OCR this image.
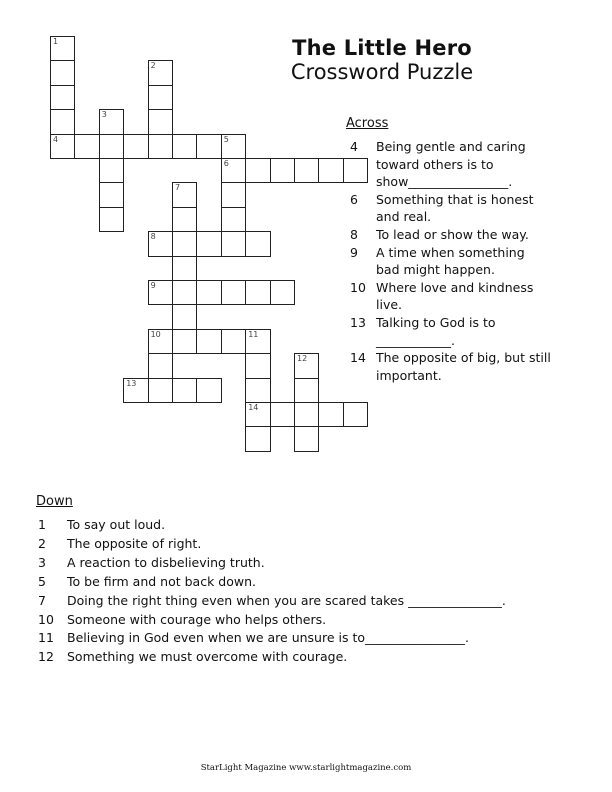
1
4
2
3
5
6
7
10	11
14
12
8
9
13
The Little Hero
Crossword Puzzle
Across
4 Being gentle and caring
toward others is to
show________________.
6 Something that is honest
and real.
8 To lead or show the way.
9 A time when something
bad might happen.
10 Where love and kindness
live.
13 Talking to God is to
____________.
14 The opposite of big, but still
important.
Down
1 To say out loud.
2 The opposite of right.
3 A reaction to disbelieving truth.
5 To be firm and not back down.
7 Doing the right thing even when you are scared takes _______________.
10 Someone with courage who helps others.
11 Believing in God even when we are unsure is to________________.
12 Something we must overcome with courage.
StarLight Magazine www.starlightmagazine.com
